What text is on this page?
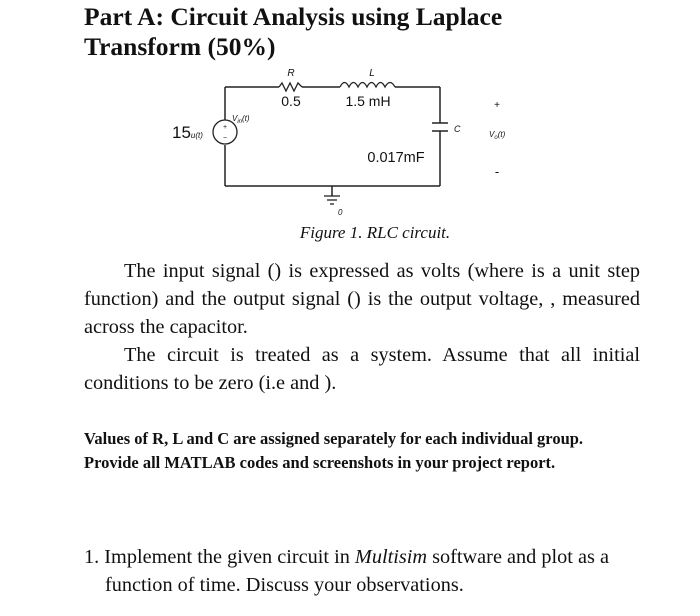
Part A: Circuit Analysis using Laplace
Transform (50%)
R
0.5
L
1.5 mH
C
0.017mF
+
−
15u(t)
$V_{in}(t)$
+
$V_o(t)$
-
0
Figure 1. RLC circuit.

The input signal () is expressed as volts (where is a unit step function) and the output signal () is the output voltage, , measured across the capacitor.

The circuit is treated as a system. Assume that all initial conditions to be zero (i.e and ).

Values of R, L and C are assigned separately for each individual group.

Provide all MATLAB codes and screenshots in your project report.

1. Implement the given circuit in Multisim software and plot as a function of time. Discuss your observations.
